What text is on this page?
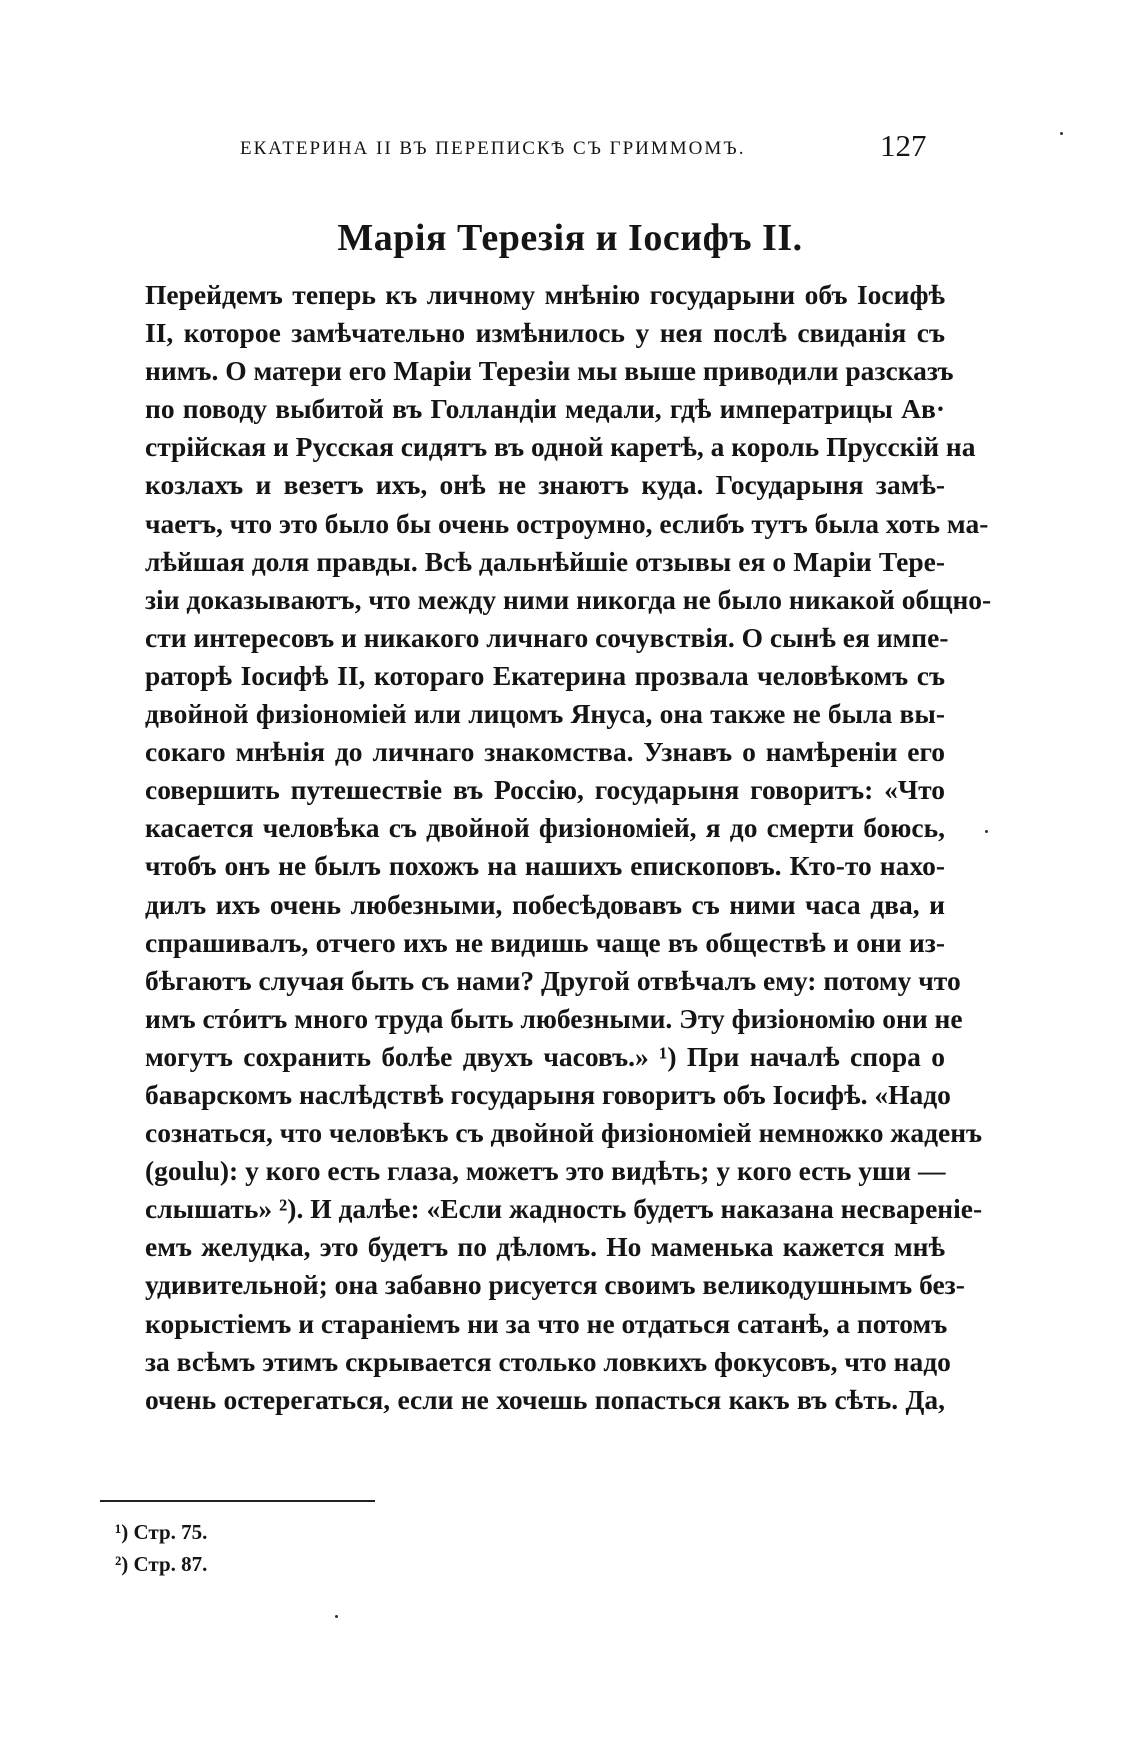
ЕКАТЕРИНА II ВЪ ПЕРЕПИСКѢ СЪ ГРИММОМЪ.	127
Марія Терезія и Іосифъ II.
Перейдемъ теперь къ личному мнѣнію государыни объ Іосифѣ
II, которое замѣчательно измѣнилось у нея послѣ свиданія съ
нимъ. О матери его Маріи Терезіи мы выше приводили разсказъ
по поводу выбитой въ Голландіи медали, гдѣ императрицы Ав·
стрійская и Русская сидятъ въ одной каретѣ, а король Прусскій на
козлахъ и везетъ ихъ, онѣ не знаютъ куда. Государыня замѣ-
чаетъ, что это было бы очень остроумно, еслибъ тутъ была хоть ма-
лѣйшая доля правды. Всѣ дальнѣйшіе отзывы ея о Маріи Тере-
зіи доказываютъ, что между ними никогда не было никакой общно-
сти интересовъ и никакого личнаго сочувствія. О сынѣ ея импе-
раторѣ Іосифѣ II, котораго Екатерина прозвала человѣкомъ съ
двойной физіономіей или лицомъ Януса, она также не была вы-
сокаго мнѣнія до личнаго знакомства. Узнавъ о намѣреніи его
совершить путешествіе въ Россію, государыня говоритъ: «Что
касается человѣка съ двойной физіономіей, я до смерти боюсь,
чтобъ онъ не былъ похожъ на нашихъ епископовъ. Кто-то нахо-
дилъ ихъ очень любезными, побесѣдовавъ съ ними часа два, и
спрашивалъ, отчего ихъ не видишь чаще въ обществѣ и они из-
бѣгаютъ случая быть съ нами? Другой отвѣчалъ ему: потому что
имъ стóитъ много труда быть любезными. Эту физіономію они не
могутъ сохранить болѣе двухъ часовъ.» ¹) При началѣ спора о
баварскомъ наслѣдствѣ государыня говоритъ объ Іосифѣ. «Надо
сознаться, что человѣкъ съ двойной физіономіей немножко жаденъ
(goulu): у кого есть глаза, можетъ это видѣть; у кого есть уши —
слышать» ²). И далѣе: «Если жадность будетъ наказана несвареніе-
емъ желудка, это будетъ по дѣломъ. Но маменька кажется мнѣ
удивительной; она забавно рисуется своимъ великодушнымъ без-
корыстіемъ и стараніемъ ни за что не отдаться сатанѣ, а потомъ
за всѣмъ этимъ скрывается столько ловкихъ фокусовъ, что надо
очень остерегаться, если не хочешь попасться какъ въ сѣть. Да,
¹) Стр. 75.
²) Стр. 87.
